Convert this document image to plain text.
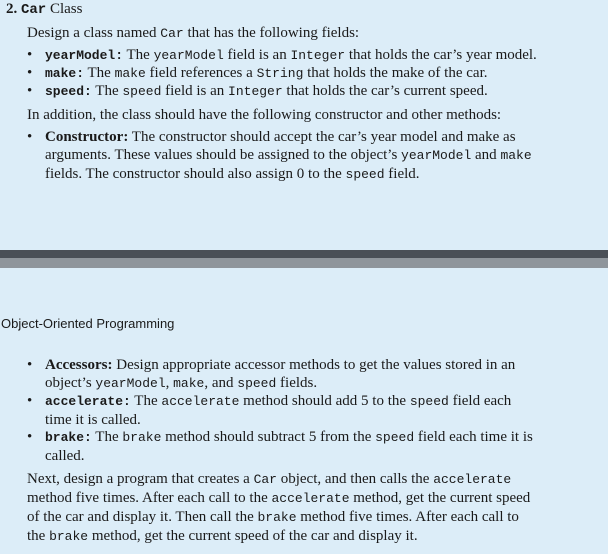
2. Car Class
Design a class named Car that has the following fields:
• yearModel: The yearModel field is an Integer that holds the car’s year model.
• make: The make field references a String that holds the make of the car.
• speed: The speed field is an Integer that holds the car’s current speed.
In addition, the class should have the following constructor and other methods:
• Constructor: The constructor should accept the car’s year model and make as
arguments. These values should be assigned to the object’s yearModel and make
fields. The constructor should also assign 0 to the speed field.
Object-Oriented Programming
• Accessors: Design appropriate accessor methods to get the values stored in an
object’s yearModel, make, and speed fields.
• accelerate: The accelerate method should add 5 to the speed field each
time it is called.
• brake: The brake method should subtract 5 from the speed field each time it is
called.
Next, design a program that creates a Car object, and then calls the accelerate
method five times. After each call to the accelerate method, get the current speed
of the car and display it. Then call the brake method five times. After each call to
the brake method, get the current speed of the car and display it.
